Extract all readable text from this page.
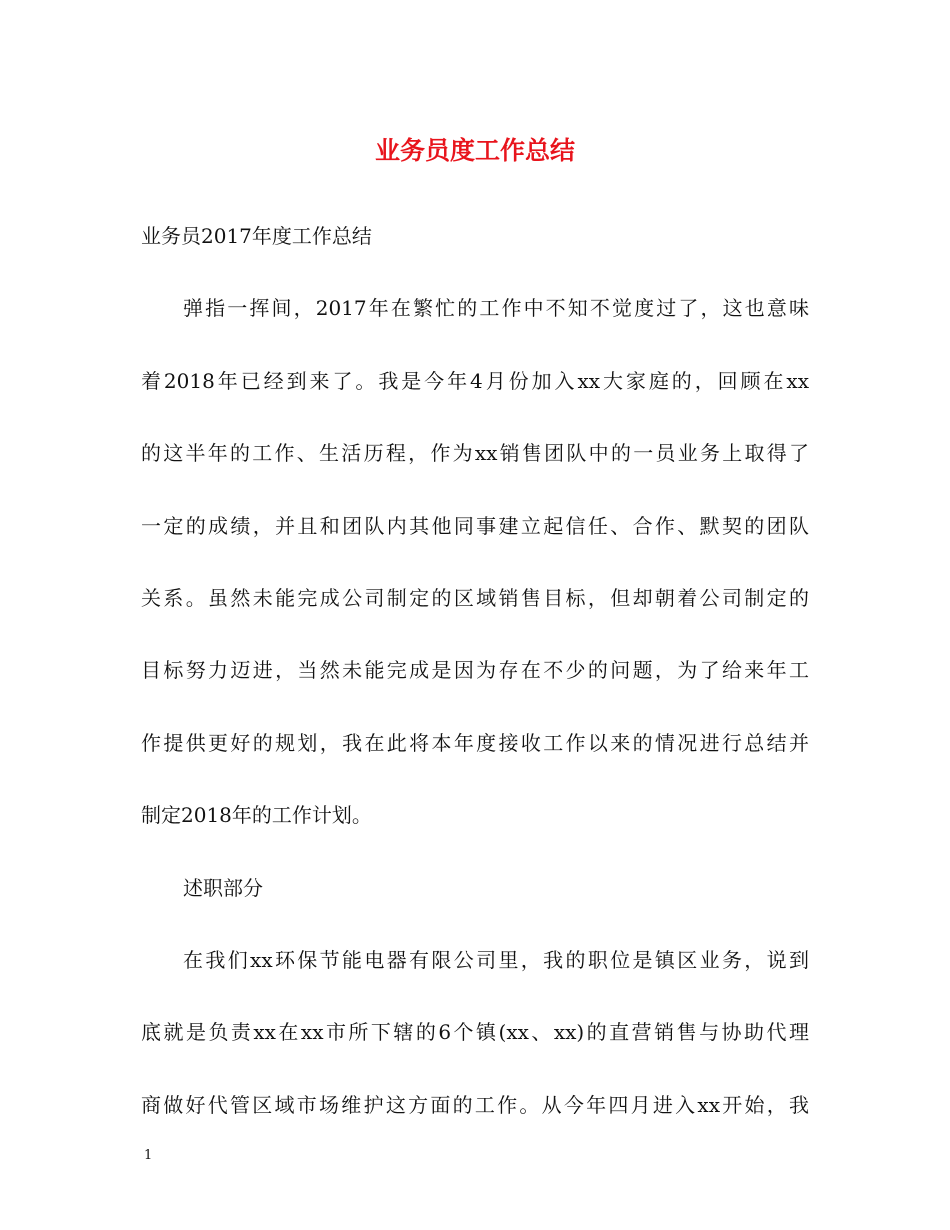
业务员度工作总结
业务员2017年度工作总结
弹指一挥间，2017年在繁忙的工作中不知不觉度过了，这也意味
着2018年已经到来了。我是今年4月份加入xx大家庭的，回顾在xx
的这半年的工作、生活历程，作为xx销售团队中的一员业务上取得了
一定的成绩，并且和团队内其他同事建立起信任、合作、默契的团队
关系。虽然未能完成公司制定的区域销售目标，但却朝着公司制定的
目标努力迈进，当然未能完成是因为存在不少的问题，为了给来年工
作提供更好的规划，我在此将本年度接收工作以来的情况进行总结并
制定2018年的工作计划。
述职部分
在我们xx环保节能电器有限公司里，我的职位是镇区业务，说到
底就是负责xx在xx市所下辖的6个镇(xx、xx)的直营销售与协助代理
商做好代管区域市场维护这方面的工作。从今年四月进入xx开始，我
1
